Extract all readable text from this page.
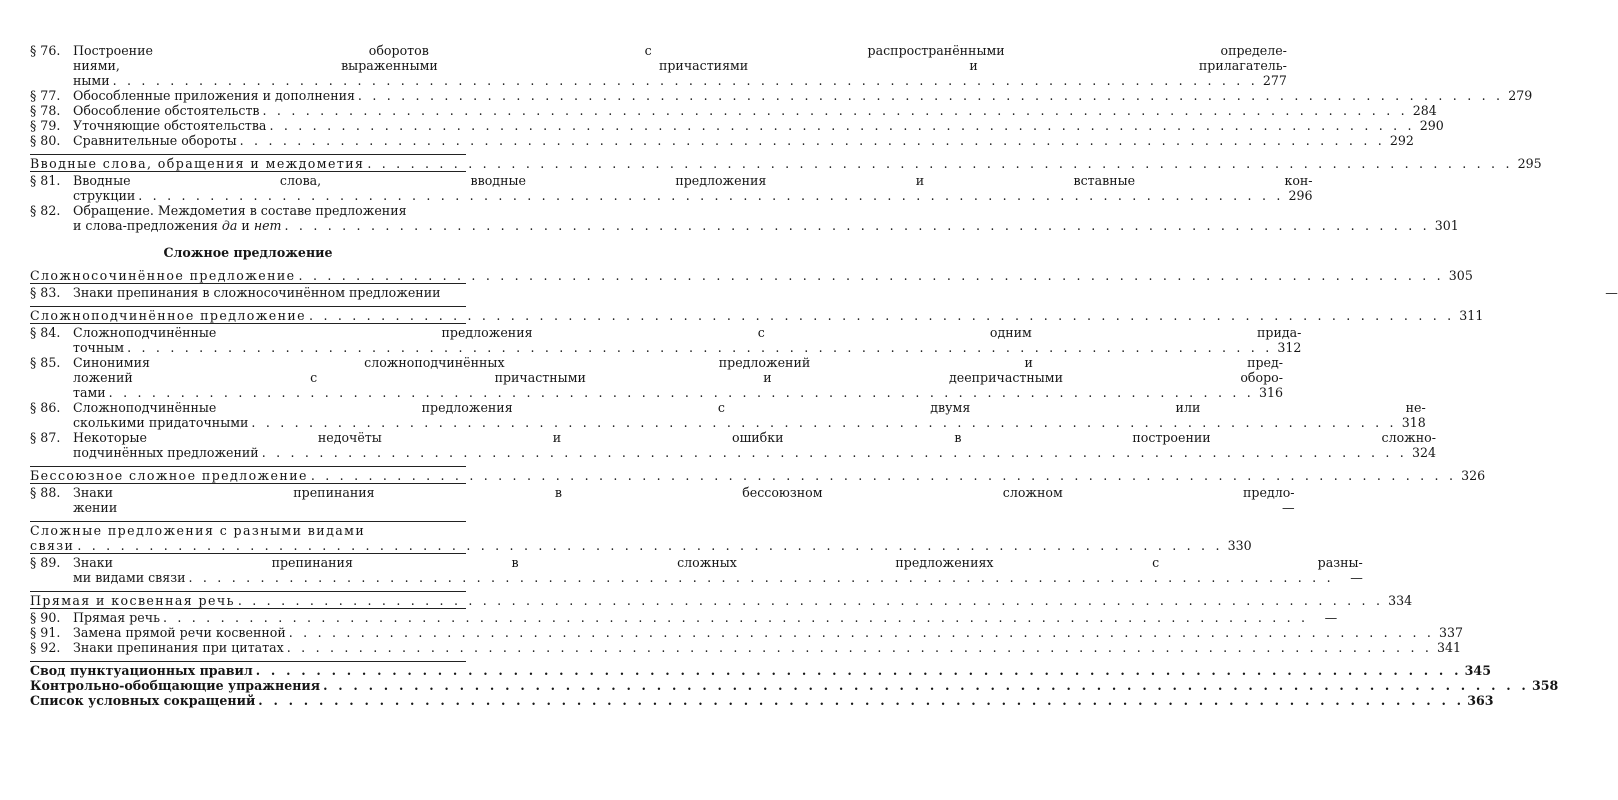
§ 76.	Построение оборотов с распространёнными определе-
ниями, выраженными причастиями и прилагатель-
ными . . .	277
§ 77.	Обособленные приложения и дополнения . . .	279
§ 78.	Обособление обстоятельств . . .	284
§ 79.	Уточняющие обстоятельства . . .	290
§ 80.	Сравнительные обороты . . .	292
Вводные слова, обращения и междометия . . .	295
§ 81.	Вводные слова, вводные предложения и вставные кон-
струкции . . .	296
§ 82.	Обращение. Междометия в составе предложения
и слова-предложения да и нет . . .	301
Сложное предложение
Сложносочинённое предложение . . .	305
§ 83.	Знаки препинания в сложносочинённом предложении	—
Сложноподчинённое предложение . . .	311
§ 84.	Сложноподчинённые предложения с одним прида-
точным . . .	312
§ 85.	Синонимия сложноподчинённых предложений и пред-
ложений с причастными и деепричастными оборо-
тами . . .	316
§ 86.	Сложноподчинённые предложения с двумя или не-
сколькими придаточными . . .	318
§ 87.	Некоторые недочёты и ошибки в построении сложно-
подчинённых предложений . . .	324
Бессоюзное сложное предложение . . .	326
§ 88.	Знаки препинания в бессоюзном сложном предло-
жении	—
Сложные предложения с разными видами
связи . . .	330
§ 89.	Знаки препинания в сложных предложениях с разны-
ми видами связи . . .	—
Прямая и косвенная речь . . .	334
§ 90.	Прямая речь . . .	—
§ 91.	Замена прямой речи косвенной . . .	337
§ 92.	Знаки препинания при цитатах . . .	341
Свод пунктуационных правил . . .	345
Контрольно-обобщающие упражнения . . .	358
Список условных сокращений . . .	363
